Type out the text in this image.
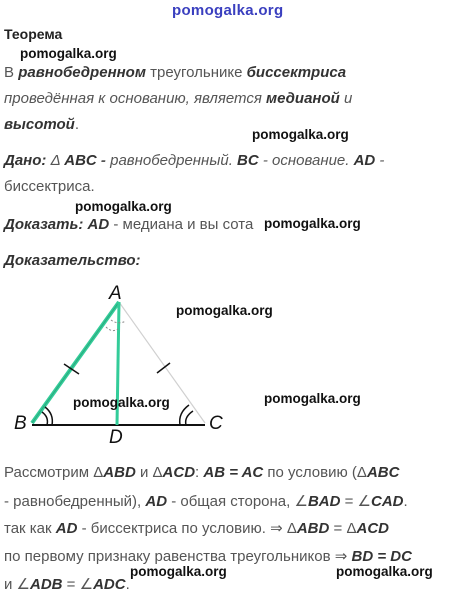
pomogalka.org
Теорема
pomogalka.org
В равнобедренном треугольнике биссектриса
проведённая к основанию, является медианой и
высотой.
pomogalka.org
Дано: Δ ABC - равнобедренный. BC - основание. AD -
биссектриса.
pomogalka.org
Доказать: AD - медиана и вы сота pomogalka.org
Доказательство:
A
B	C
D
pomogalka.org
pomogalka.org	pomogalka.org
Рассмотрим ΔABD и ΔACD: AB = AC по условию (ΔABC
- равнобедренный), AD - общая сторона, ∠BAD = ∠CAD.
так как AD - биссектриса по условию. ⇒ ΔABD = ΔACD
по первому признаку равенства треугольников ⇒ BD = DC
pomogalka.org
pomogalka.org
и ∠ADB = ∠ADC.
